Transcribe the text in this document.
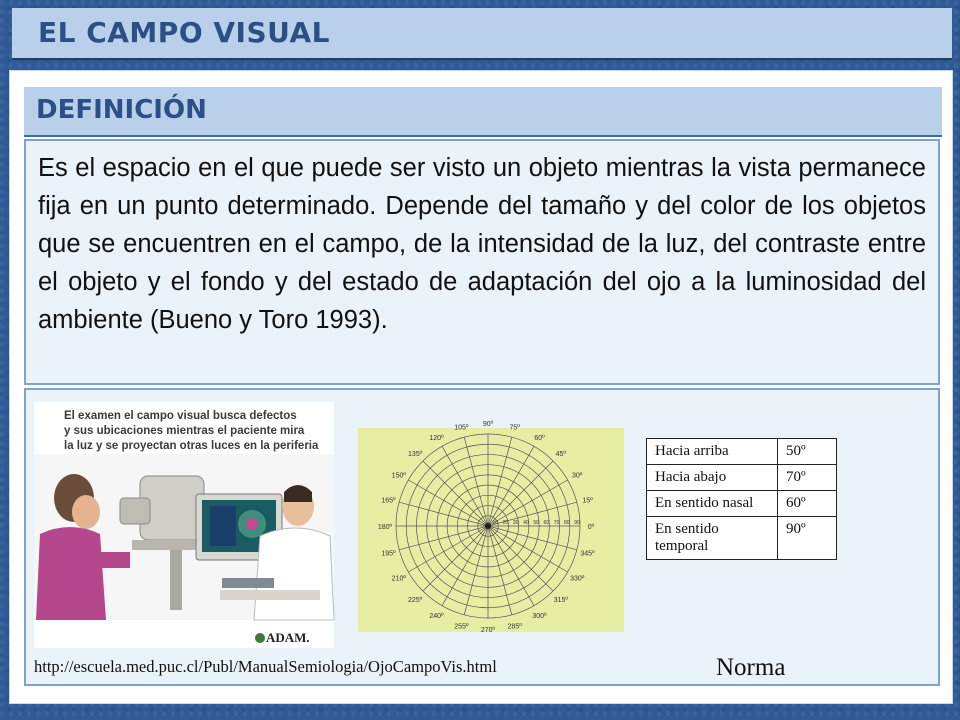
EL CAMPO VISUAL
DEFINICIÓN
Es el espacio en el que puede ser visto un objeto mientras la vista permanece fija en un punto determinado. Depende del tamaño y del color de los objetos que se encuentren en el campo, de la intensidad de la luz, del contraste entre el objeto y el fondo y del estado de adaptación del ojo a la luminosidad del ambiente (Bueno y Toro 1993).
El examen el campo visual busca defectos
y sus ubicaciones mientras el paciente mira
la luz y se proyectan otras luces en la periferia
ADAM.
90º
75º
60º
45º
30º
15º
0º
345º
330º
315º
300º
285º
270º
255º
240º
225º
210º
195º
180º
165º
150º
135º
120º
105º
90
80
70
60
50
40
30
20
10
Hacia arriba	50º
Hacia abajo	70º
En sentido nasal	60º
En sentido temporal	90º
http://escuela.med.puc.cl/Publ/ManualSemiologia/OjoCampoVis.html	Norma
